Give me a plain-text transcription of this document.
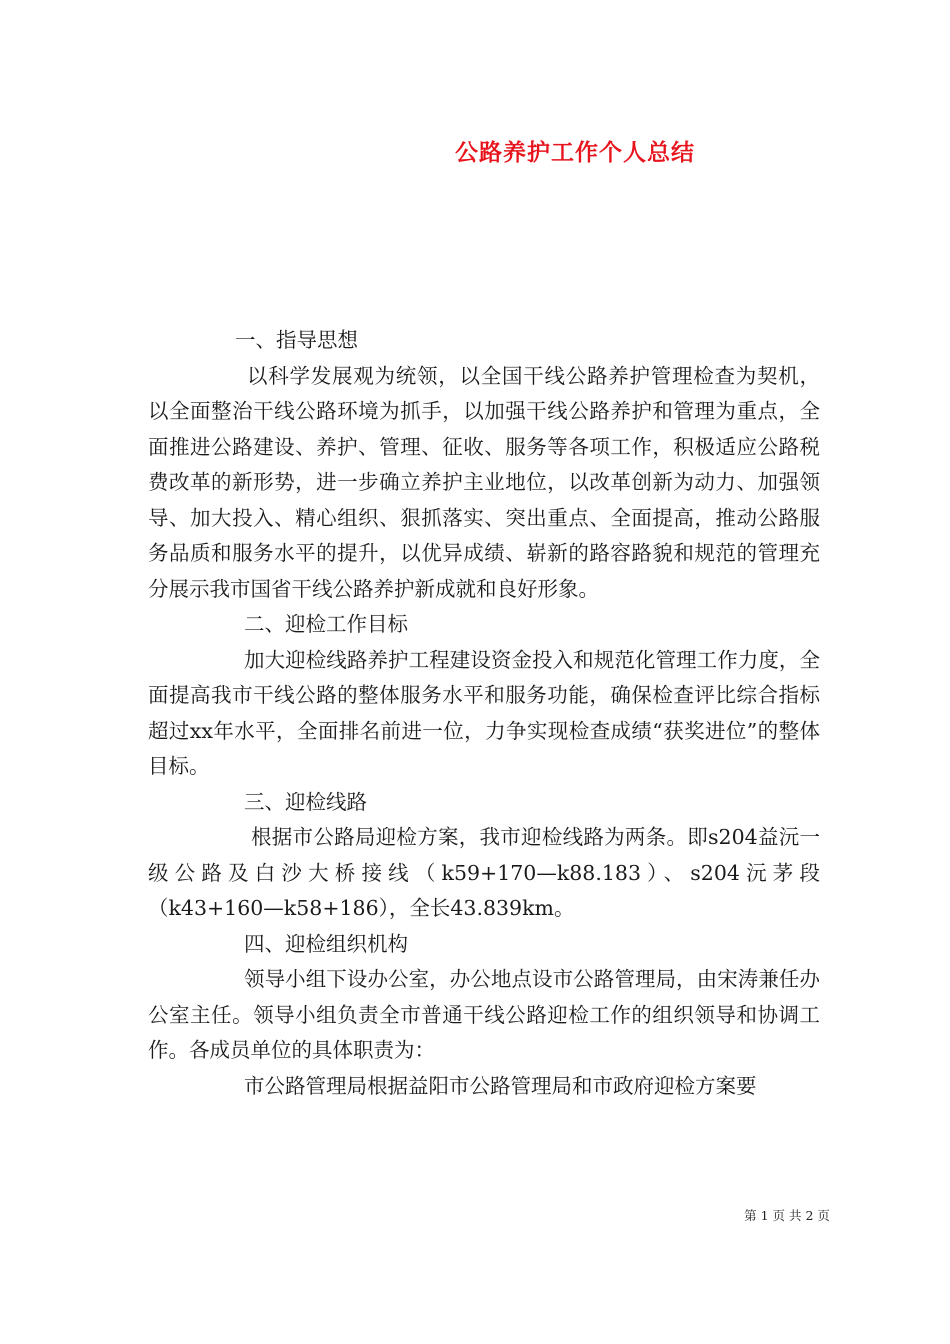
公路养护工作个人总结

一、指导思想

以科学发展观为统领，以全国干线公路养护管理检查为契机，以全面整治干线公路环境为抓手，以加强干线公路养护和管理为重点，全面推进公路建设、养护、管理、征收、服务等各项工作，积极适应公路税费改革的新形势，进一步确立养护主业地位，以改革创新为动力、加强领导、加大投入、精心组织、狠抓落实、突出重点、全面提高，推动公路服务品质和服务水平的提升，以优异成绩、崭新的路容路貌和规范的管理充分展示我市国省干线公路养护新成就和良好形象。

二、迎检工作目标

加大迎检线路养护工程建设资金投入和规范化管理工作力度，全面提高我市干线公路的整体服务水平和服务功能，确保检查评比综合指标超过xx年水平，全面排名前进一位，力争实现检查成绩“获奖进位”的整体目标。

三、迎检线路

根据市公路局迎检方案，我市迎检线路为两条。即s204益沅一级公路及白沙大桥接线（k59+170—k88.183）、s204沅茅段（k43+160—k58+186），全长43.839km。

四、迎检组织机构

领导小组下设办公室，办公地点设市公路管理局，由宋涛兼任办公室主任。领导小组负责全市普通干线公路迎检工作的组织领导和协调工作。各成员单位的具体职责为：

市公路管理局根据益阳市公路管理局和市政府迎检方案要

第 1 页 共 2 页
